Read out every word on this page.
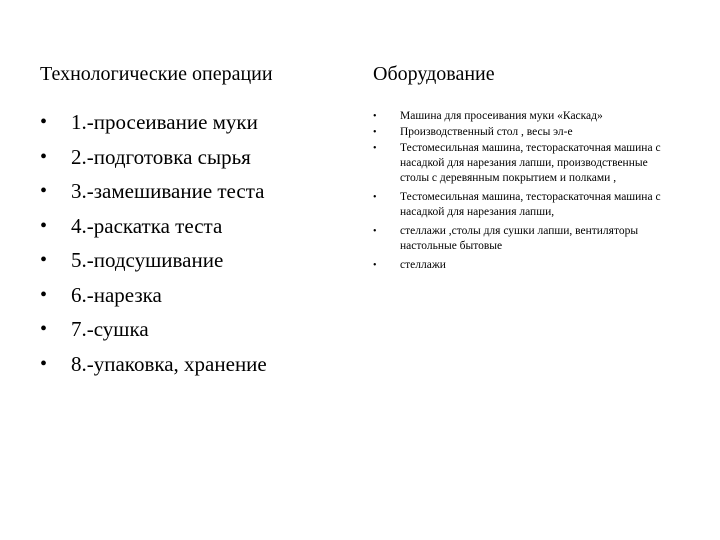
Технологические операции	Оборудование
• 1.-просеивание муки
• 2.-подготовка сырья
• 3.-замешивание теста
• 4.-раскатка теста
• 5.-подсушивание
• 6.-нарезка
• 7.-сушка
• 8.-упаковка, хранение
• Машина для просеивания муки «Каскад»
• Производственный стол , весы эл-е
• Тестомесильная машина, тестораскаточная машина с насадкой для нарезания лапши, производственные столы с деревянным покрытием и полками ,
• Тестомесильная машина, тестораскаточная машина с насадкой для нарезания лапши,
• стеллажи ,столы для сушки лапши, вентиляторы настольные бытовые
• стеллажи
